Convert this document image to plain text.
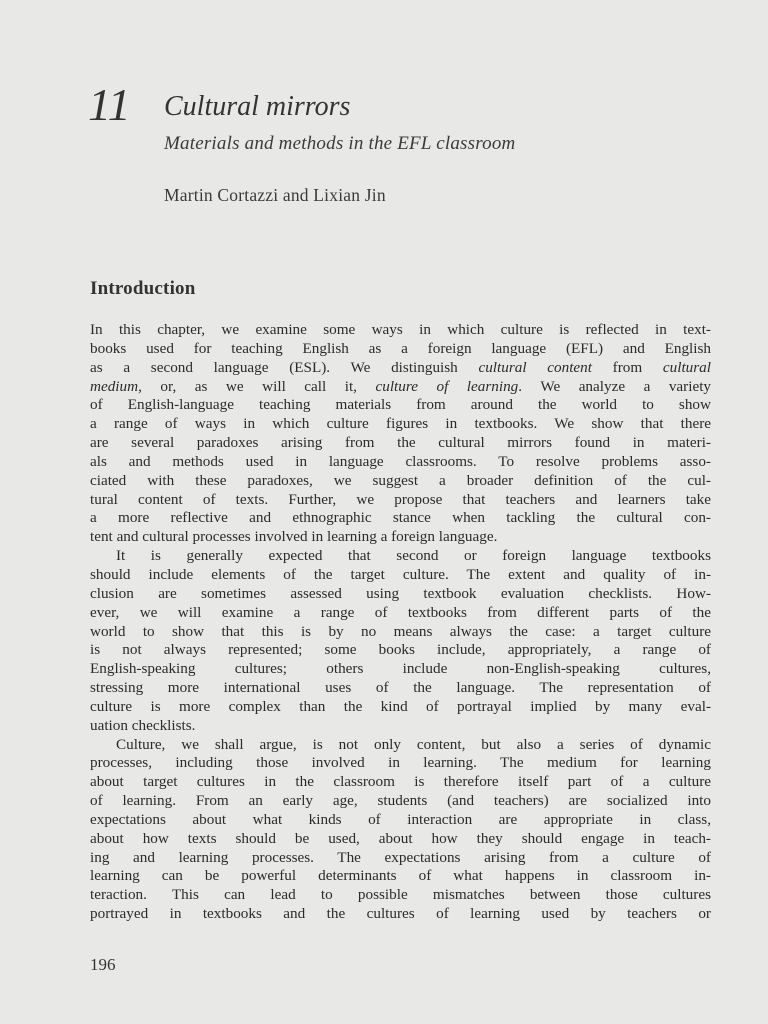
11 Cultural mirrors
Materials and methods in the EFL classroom
Martin Cortazzi and Lixian Jin
Introduction
In this chapter, we examine some ways in which culture is reflected in text-
books used for teaching English as a foreign language (EFL) and English
as a second language (ESL). We distinguish cultural content from cultural
medium, or, as we will call it, culture of learning. We analyze a variety
of English-language teaching materials from around the world to show
a range of ways in which culture figures in textbooks. We show that there
are several paradoxes arising from the cultural mirrors found in materi-
als and methods used in language classrooms. To resolve problems asso-
ciated with these paradoxes, we suggest a broader definition of the cul-
tural content of texts. Further, we propose that teachers and learners take
a more reflective and ethnographic stance when tackling the cultural con-
tent and cultural processes involved in learning a foreign language.
It is generally expected that second or foreign language textbooks
should include elements of the target culture. The extent and quality of in-
clusion are sometimes assessed using textbook evaluation checklists. How-
ever, we will examine a range of textbooks from different parts of the
world to show that this is by no means always the case: a target culture
is not always represented; some books include, appropriately, a range of
English-speaking cultures; others include non-English-speaking cultures,
stressing more international uses of the language. The representation of
culture is more complex than the kind of portrayal implied by many eval-
uation checklists.
Culture, we shall argue, is not only content, but also a series of dynamic
processes, including those involved in learning. The medium for learning
about target cultures in the classroom is therefore itself part of a culture
of learning. From an early age, students (and teachers) are socialized into
expectations about what kinds of interaction are appropriate in class,
about how texts should be used, about how they should engage in teach-
ing and learning processes. The expectations arising from a culture of
learning can be powerful determinants of what happens in classroom in-
teraction. This can lead to possible mismatches between those cultures
portrayed in textbooks and the cultures of learning used by teachers or
196
